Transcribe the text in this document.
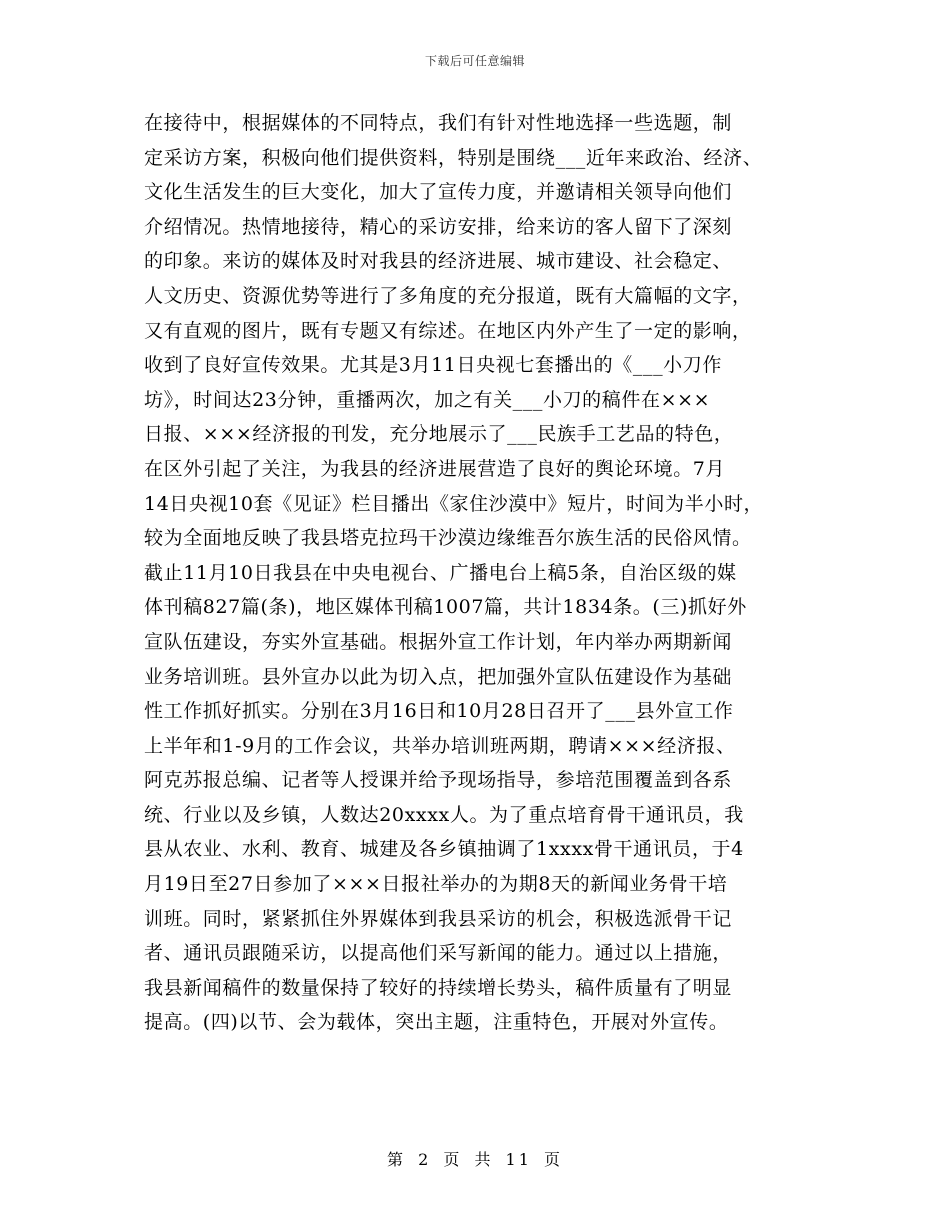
下载后可任意编辑
在接待中，根据媒体的不同特点，我们有针对性地选择一些选题，制
定采访方案，积极向他们提供资料，特别是围绕___近年来政治、经济、
文化生活发生的巨大变化，加大了宣传力度，并邀请相关领导向他们
介绍情况。热情地接待，精心的采访安排，给来访的客人留下了深刻
的印象。来访的媒体及时对我县的经济进展、城市建设、社会稳定、
人文历史、资源优势等进行了多角度的充分报道，既有大篇幅的文字，
又有直观的图片，既有专题又有综述。在地区内外产生了一定的影响，
收到了良好宣传效果。尤其是3月11日央视七套播出的《___小刀作
坊》，时间达23分钟，重播两次，加之有关___小刀的稿件在×××
日报、×××经济报的刊发，充分地展示了___民族手工艺品的特色，
在区外引起了关注，为我县的经济进展营造了良好的舆论环境。7月
14日央视10套《见证》栏目播出《家住沙漠中》短片，时间为半小时，
较为全面地反映了我县塔克拉玛干沙漠边缘维吾尔族生活的民俗风情。
截止11月10日我县在中央电视台、广播电台上稿5条，自治区级的媒
体刊稿827篇(条)，地区媒体刊稿1007篇，共计1834条。(三)抓好外
宣队伍建设，夯实外宣基础。根据外宣工作计划，年内举办两期新闻
业务培训班。县外宣办以此为切入点，把加强外宣队伍建设作为基础
性工作抓好抓实。分别在3月16日和10月28日召开了___县外宣工作
上半年和1-9月的工作会议，共举办培训班两期，聘请×××经济报、
阿克苏报总编、记者等人授课并给予现场指导，参培范围覆盖到各系
统、行业以及乡镇，人数达20xxxx人。为了重点培育骨干通讯员，我
县从农业、水利、教育、城建及各乡镇抽调了1xxxx骨干通讯员，于4
月19日至27日参加了×××日报社举办的为期8天的新闻业务骨干培
训班。同时，紧紧抓住外界媒体到我县采访的机会，积极选派骨干记
者、通讯员跟随采访，以提高他们采写新闻的能力。通过以上措施，
我县新闻稿件的数量保持了较好的持续增长势头，稿件质量有了明显
提高。(四)以节、会为载体，突出主题，注重特色，开展对外宣传。
第 2 页 共 11 页
